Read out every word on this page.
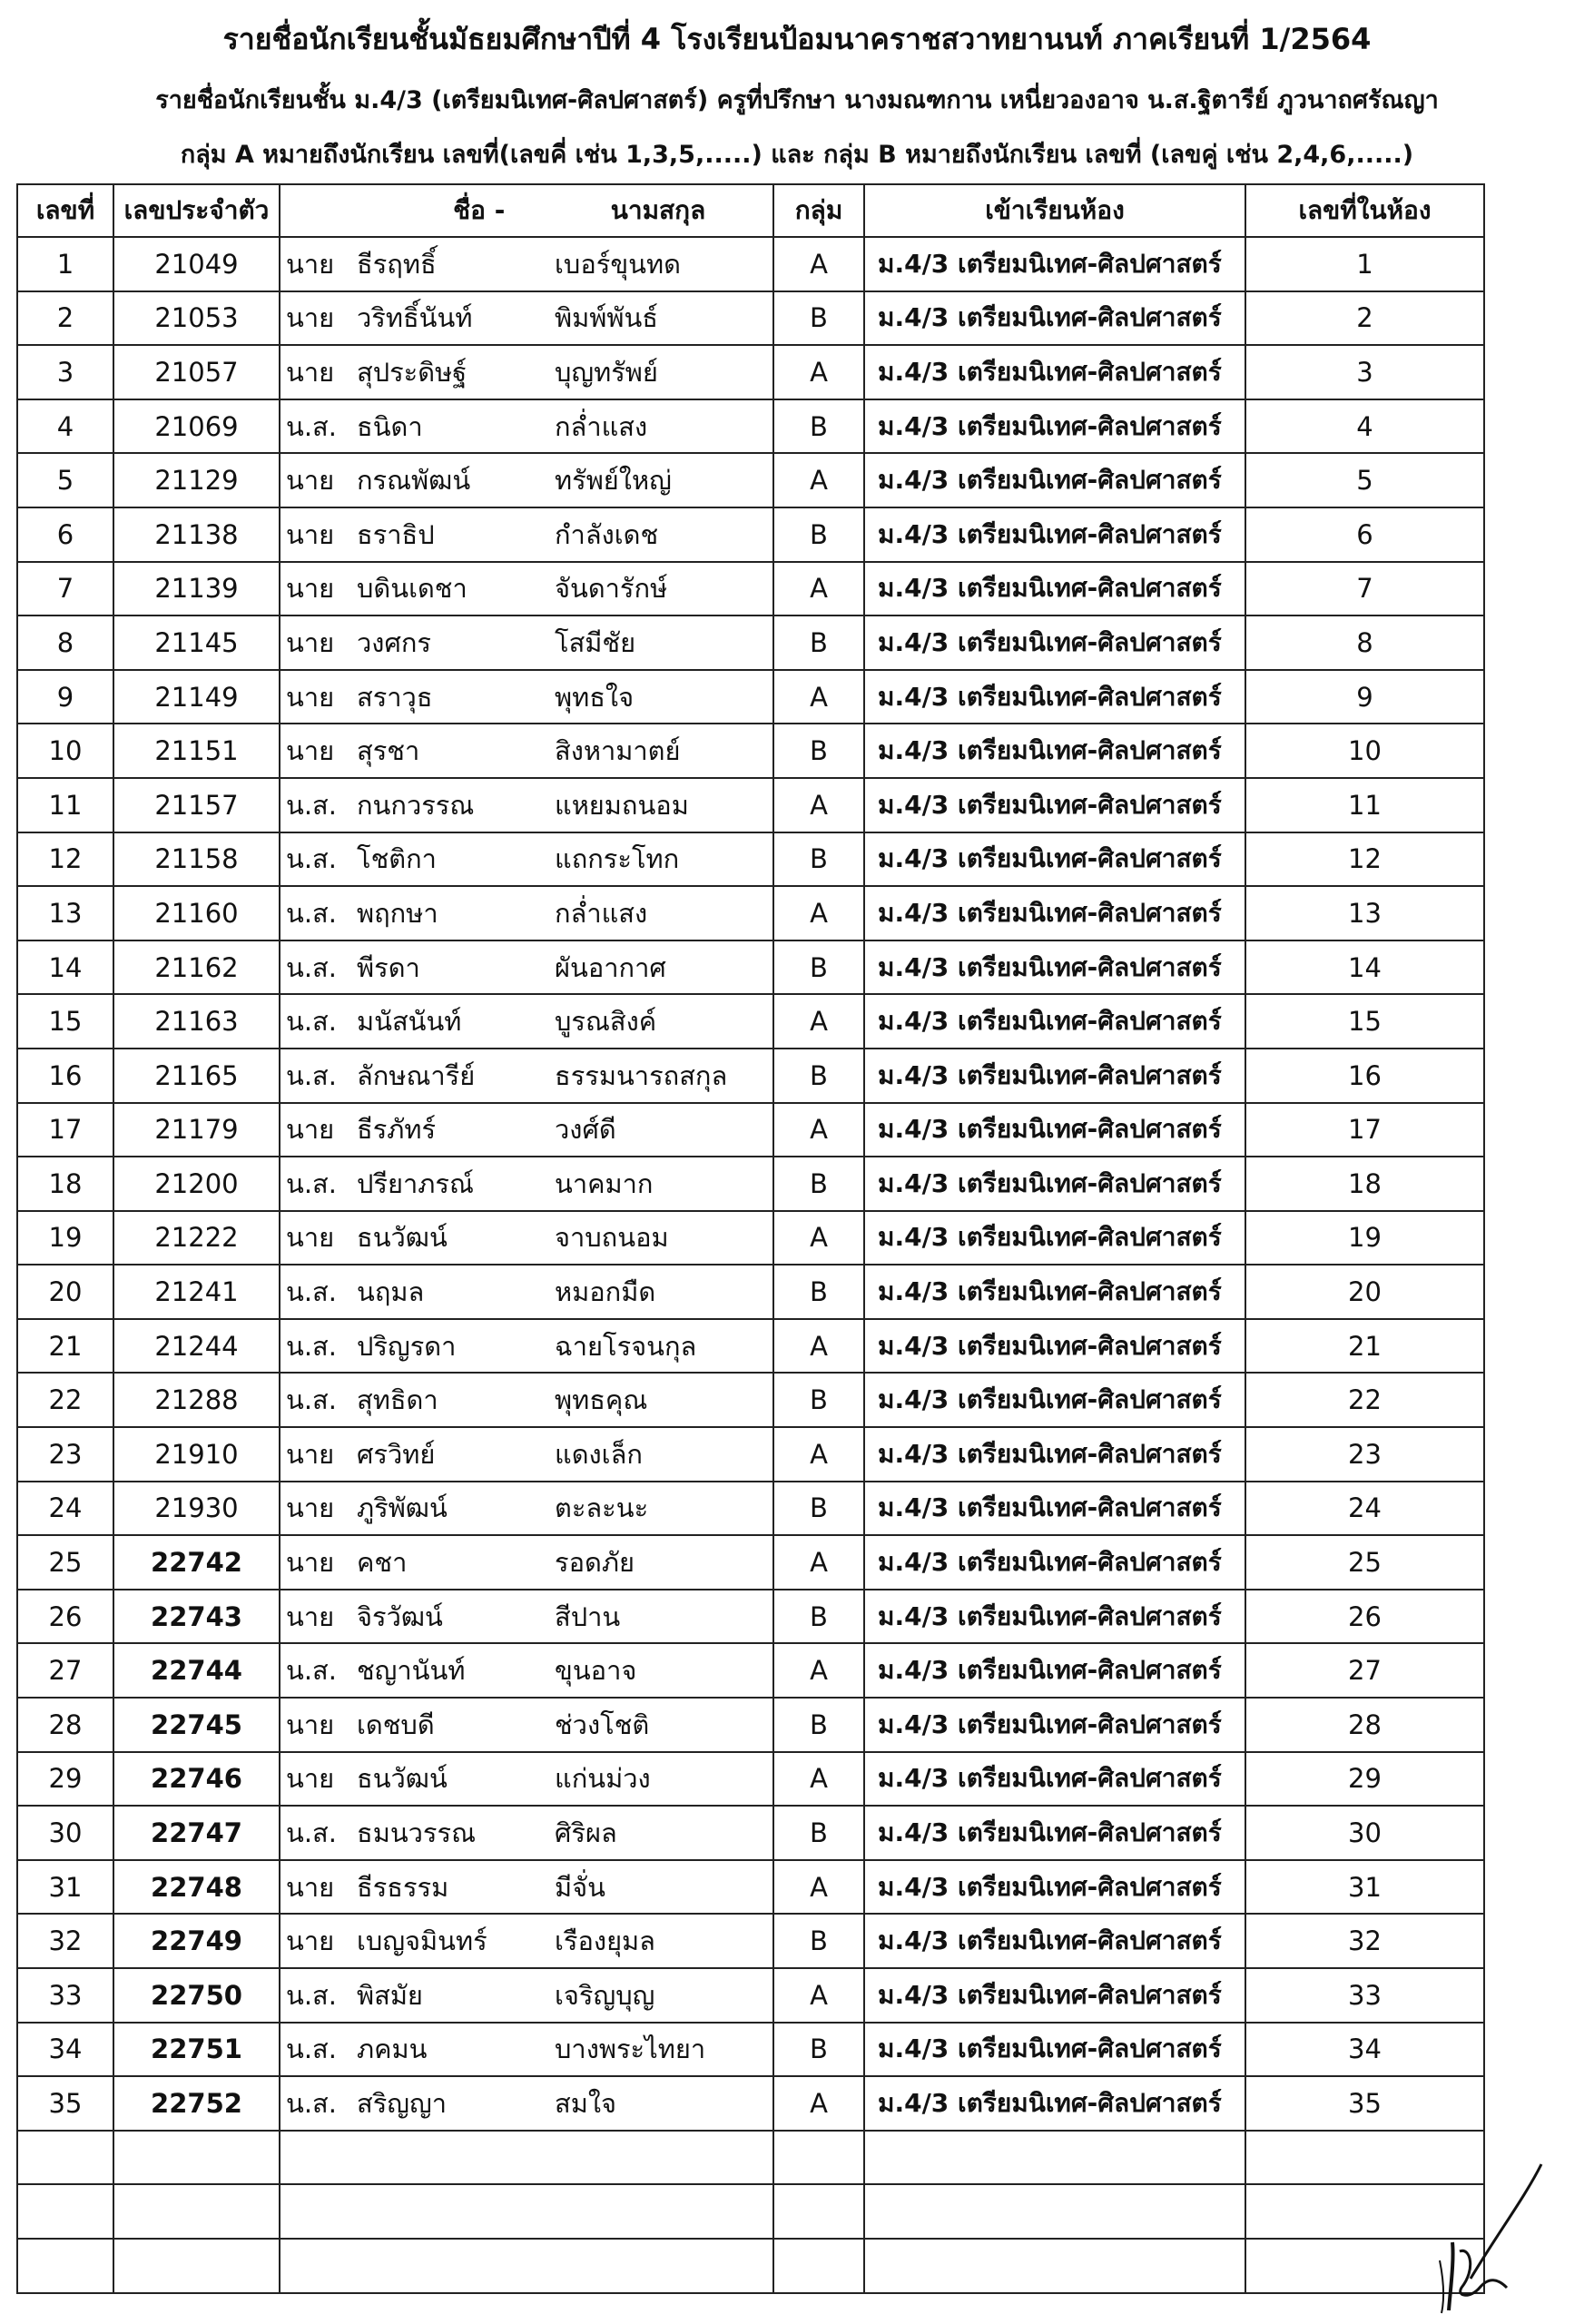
รายชื่อนักเรียนชั้นมัธยมศึกษาปีที่ 4 โรงเรียนป้อมนาคราชสวาทยานนท์ ภาคเรียนที่ 1/2564
รายชื่อนักเรียนชั้น ม.4/3 (เตรียมนิเทศ-ศิลปศาสตร์) ครูที่ปรึกษา นางมณฑกาน เหนี่ยวองอาจ น.ส.ฐิตารีย์ ภูวนาถศรัณญา
กลุ่ม A หมายถึงนักเรียน เลขที่(เลขคี่ เช่น 1,3,5,.....) และ กลุ่ม B หมายถึงนักเรียน เลขที่ (เลขคู่ เช่น 2,4,6,.....)
เลขที่	เลขประจำตัว	ชื่อ - นามสกุล	กลุ่ม	เข้าเรียนห้อง	เลขที่ในห้อง
1	21049	นาย ธีรฤทธิ์ เบอร์ขุนทด	A	ม.4/3 เตรียมนิเทศ-ศิลปศาสตร์	1
2	21053	นาย วริทธิ์นันท์ พิมพ์พันธ์	B	ม.4/3 เตรียมนิเทศ-ศิลปศาสตร์	2
3	21057	นาย สุประดิษฐ์ บุญทรัพย์	A	ม.4/3 เตรียมนิเทศ-ศิลปศาสตร์	3
4	21069	น.ส. ธนิดา กล่ำแสง	B	ม.4/3 เตรียมนิเทศ-ศิลปศาสตร์	4
5	21129	นาย กรณพัฒน์ ทรัพย์ใหญ่	A	ม.4/3 เตรียมนิเทศ-ศิลปศาสตร์	5
6	21138	นาย ธราธิป กำลังเดช	B	ม.4/3 เตรียมนิเทศ-ศิลปศาสตร์	6
7	21139	นาย บดินเดชา จันดารักษ์	A	ม.4/3 เตรียมนิเทศ-ศิลปศาสตร์	7
8	21145	นาย วงศกร โสมีชัย	B	ม.4/3 เตรียมนิเทศ-ศิลปศาสตร์	8
9	21149	นาย สราวุธ พุทธใจ	A	ม.4/3 เตรียมนิเทศ-ศิลปศาสตร์	9
10	21151	นาย สุรชา สิงหามาตย์	B	ม.4/3 เตรียมนิเทศ-ศิลปศาสตร์	10
11	21157	น.ส. กนกวรรณ แหยมถนอม	A	ม.4/3 เตรียมนิเทศ-ศิลปศาสตร์	11
12	21158	น.ส. โชติกา แถกระโทก	B	ม.4/3 เตรียมนิเทศ-ศิลปศาสตร์	12
13	21160	น.ส. พฤกษา กล่ำแสง	A	ม.4/3 เตรียมนิเทศ-ศิลปศาสตร์	13
14	21162	น.ส. พีรดา ผันอากาศ	B	ม.4/3 เตรียมนิเทศ-ศิลปศาสตร์	14
15	21163	น.ส. มนัสนันท์ บูรณสิงค์	A	ม.4/3 เตรียมนิเทศ-ศิลปศาสตร์	15
16	21165	น.ส. ลักษณารีย์ ธรรมนารถสกุล	B	ม.4/3 เตรียมนิเทศ-ศิลปศาสตร์	16
17	21179	นาย ธีรภัทร์ วงศ์ดี	A	ม.4/3 เตรียมนิเทศ-ศิลปศาสตร์	17
18	21200	น.ส. ปรียาภรณ์ นาคมาก	B	ม.4/3 เตรียมนิเทศ-ศิลปศาสตร์	18
19	21222	นาย ธนวัฒน์ จาบถนอม	A	ม.4/3 เตรียมนิเทศ-ศิลปศาสตร์	19
20	21241	น.ส. นฤมล หมอกมืด	B	ม.4/3 เตรียมนิเทศ-ศิลปศาสตร์	20
21	21244	น.ส. ปริญรดา ฉายโรจนกุล	A	ม.4/3 เตรียมนิเทศ-ศิลปศาสตร์	21
22	21288	น.ส. สุทธิดา พุทธคุณ	B	ม.4/3 เตรียมนิเทศ-ศิลปศาสตร์	22
23	21910	นาย ศรวิทย์ แดงเล็ก	A	ม.4/3 เตรียมนิเทศ-ศิลปศาสตร์	23
24	21930	นาย ภูริพัฒน์ ตะละนะ	B	ม.4/3 เตรียมนิเทศ-ศิลปศาสตร์	24
25	22742	นาย คชา รอดภัย	A	ม.4/3 เตรียมนิเทศ-ศิลปศาสตร์	25
26	22743	นาย จิรวัฒน์ สีปาน	B	ม.4/3 เตรียมนิเทศ-ศิลปศาสตร์	26
27	22744	น.ส. ชญานันท์ ขุนอาจ	A	ม.4/3 เตรียมนิเทศ-ศิลปศาสตร์	27
28	22745	นาย เดชบดี ช่วงโชติ	B	ม.4/3 เตรียมนิเทศ-ศิลปศาสตร์	28
29	22746	นาย ธนวัฒน์ แก่นม่วง	A	ม.4/3 เตรียมนิเทศ-ศิลปศาสตร์	29
30	22747	น.ส. ธมนวรรณ ศิริผล	B	ม.4/3 เตรียมนิเทศ-ศิลปศาสตร์	30
31	22748	นาย ธีรธรรม มีจั่น	A	ม.4/3 เตรียมนิเทศ-ศิลปศาสตร์	31
32	22749	นาย เบญจมินทร์ เรืองยุมล	B	ม.4/3 เตรียมนิเทศ-ศิลปศาสตร์	32
33	22750	น.ส. พิสมัย เจริญบุญ	A	ม.4/3 เตรียมนิเทศ-ศิลปศาสตร์	33
34	22751	น.ส. ภคมน บางพระไทยา	B	ม.4/3 เตรียมนิเทศ-ศิลปศาสตร์	34
35	22752	น.ส. สริญญา สมใจ	A	ม.4/3 เตรียมนิเทศ-ศิลปศาสตร์	35
